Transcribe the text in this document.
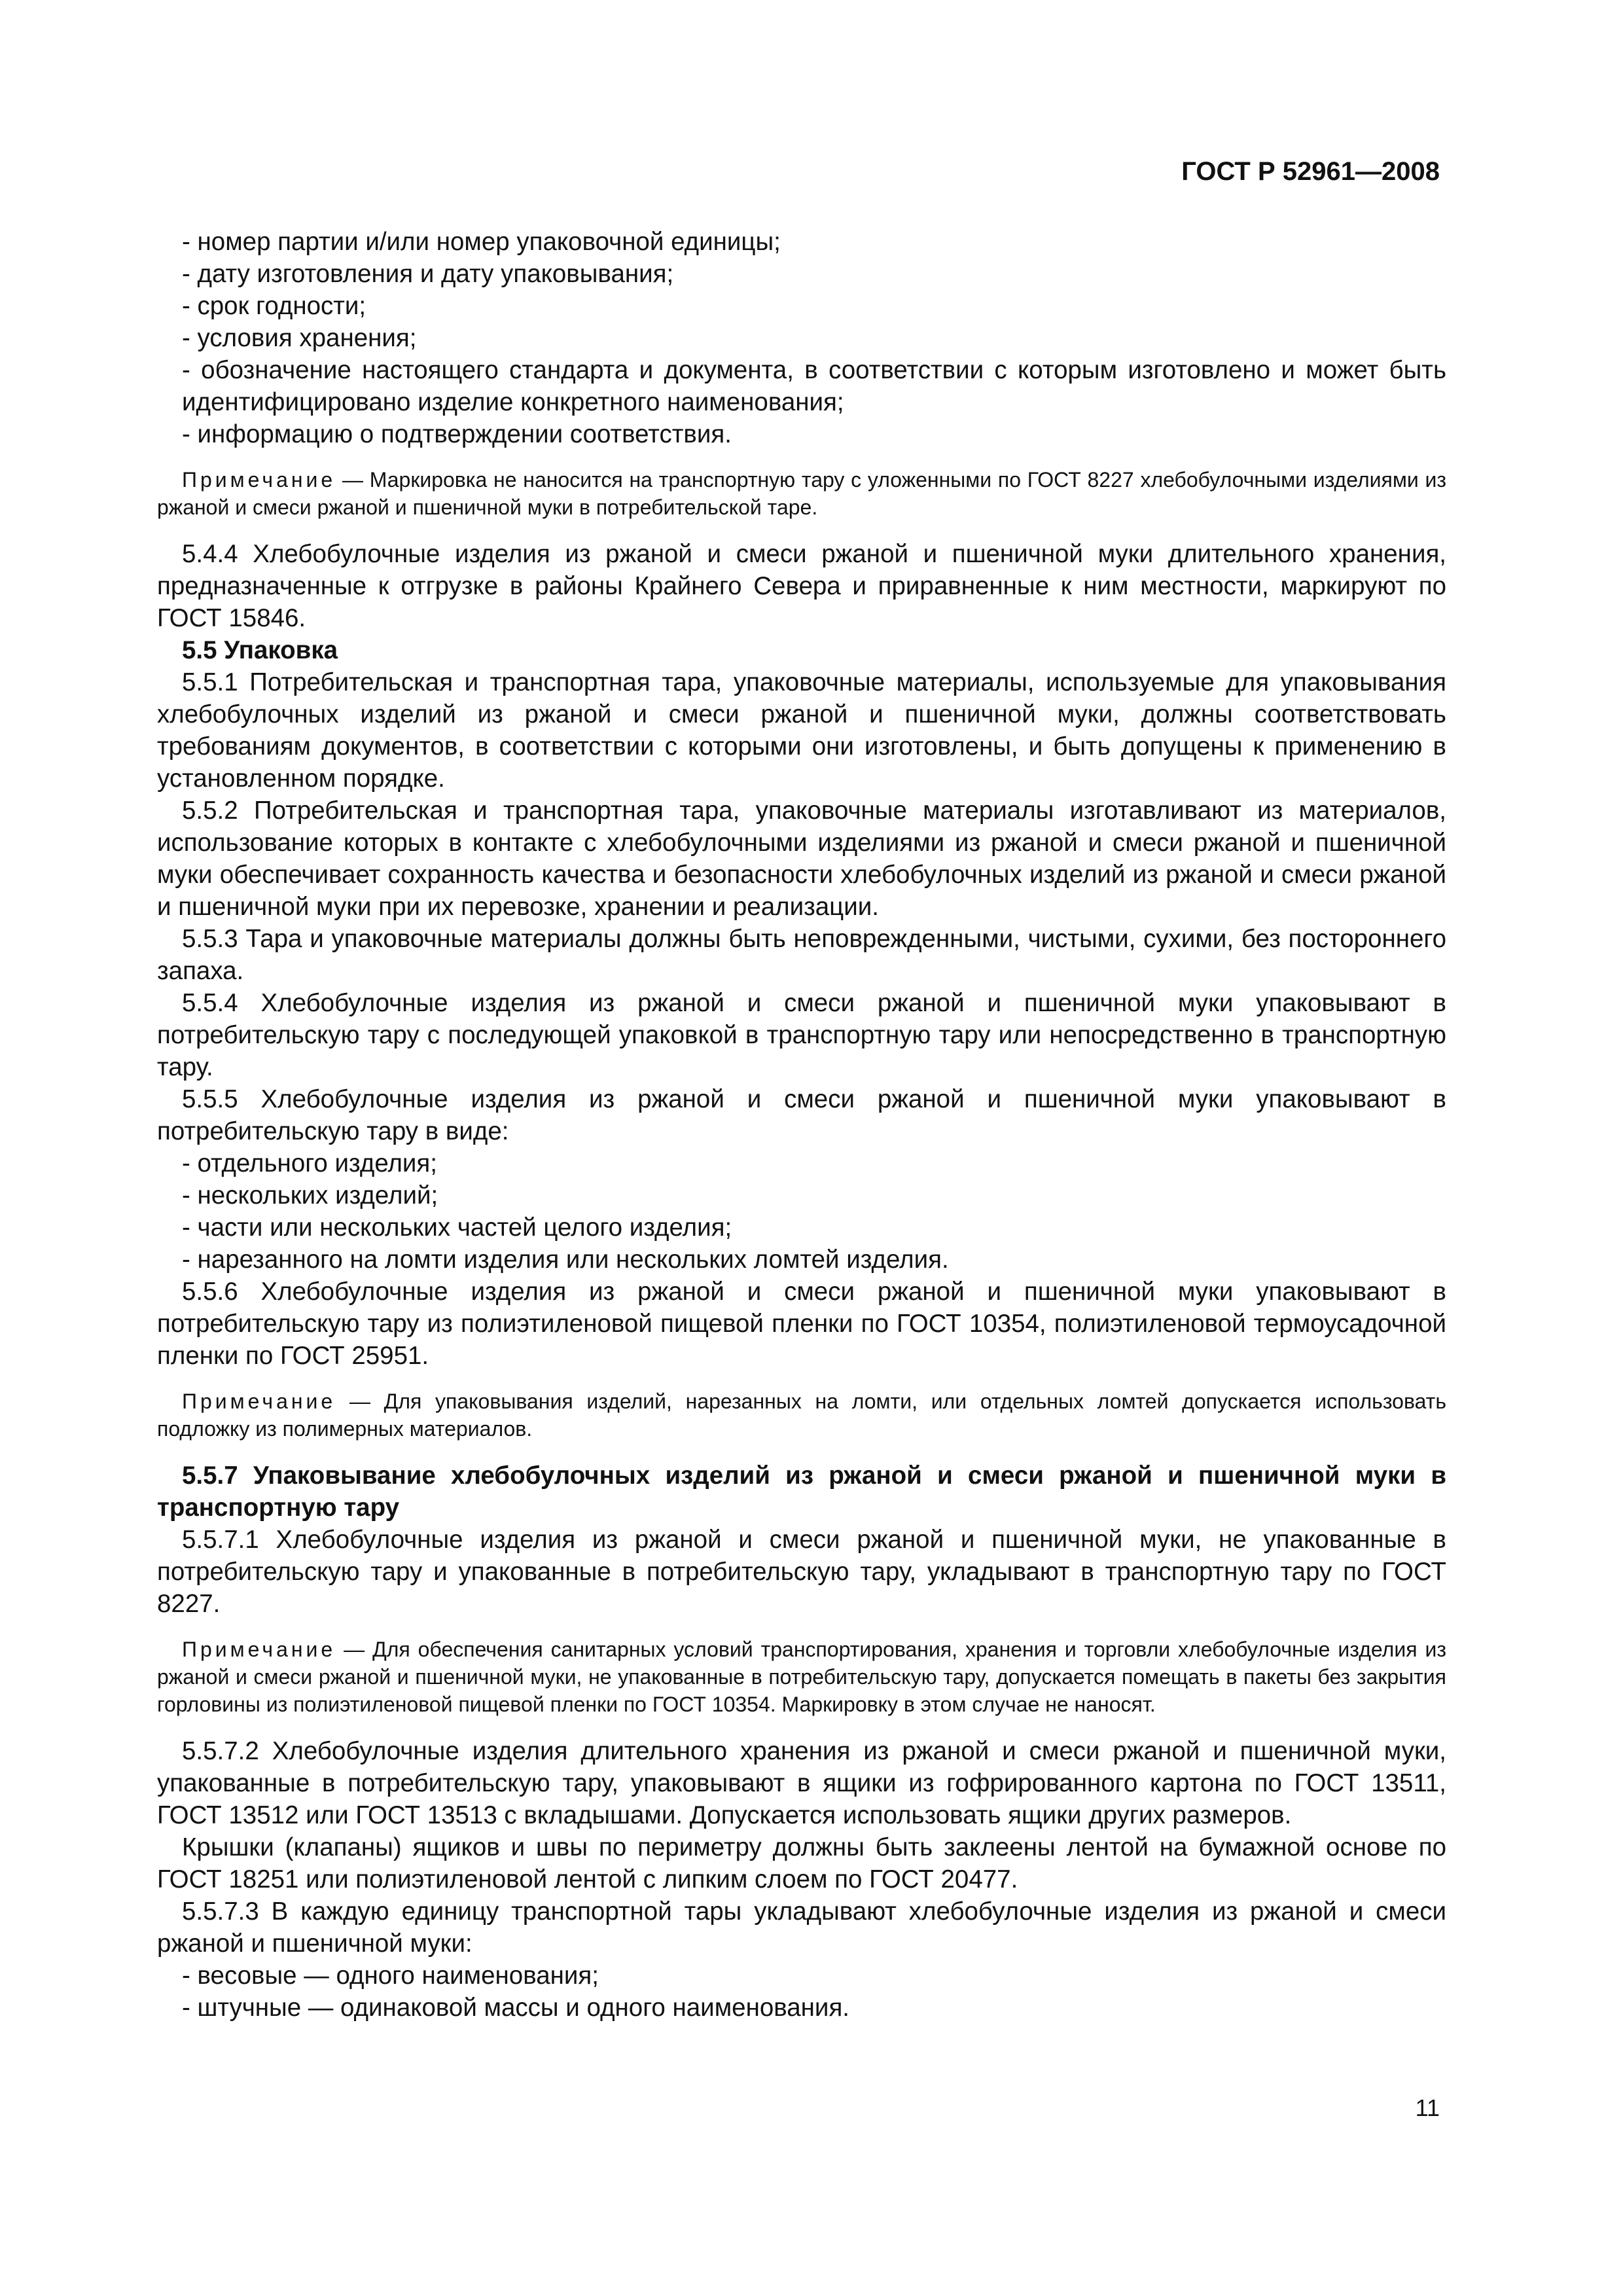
ГОСТ Р 52961—2008

- номер партии и/или номер упаковочной единицы;

- дату изготовления и дату упаковывания;

- срок годности;

- условия хранения;

- обозначение настоящего стандарта и документа, в соответствии с которым изготовлено и может быть идентифицировано изделие конкретного наименования;

- информацию о подтверждении соответствия.

Примечание — Маркировка не наносится на транспортную тару с уложенными по ГОСТ 8227 хлебобулочными изделиями из ржаной и смеси ржаной и пшеничной муки в потребительской таре.

5.4.4 Хлебобулочные изделия из ржаной и смеси ржаной и пшеничной муки длительного хранения, предназначенные к отгрузке в районы Крайнего Севера и приравненные к ним местности, маркируют по ГОСТ 15846.

5.5 Упаковка

5.5.1 Потребительская и транспортная тара, упаковочные материалы, используемые для упаковывания хлебобулочных изделий из ржаной и смеси ржаной и пшеничной муки, должны соответствовать требованиям документов, в соответствии с которыми они изготовлены, и быть допущены к применению в установленном порядке.

5.5.2 Потребительская и транспортная тара, упаковочные материалы изготавливают из материалов, использование которых в контакте с хлебобулочными изделиями из ржаной и смеси ржаной и пшеничной муки обеспечивает сохранность качества и безопасности хлебобулочных изделий из ржаной и смеси ржаной и пшеничной муки при их перевозке, хранении и реализации.

5.5.3 Тара и упаковочные материалы должны быть неповрежденными, чистыми, сухими, без постороннего запаха.

5.5.4 Хлебобулочные изделия из ржаной и смеси ржаной и пшеничной муки упаковывают в потребительскую тару с последующей упаковкой в транспортную тару или непосредственно в транспортную тару.

5.5.5 Хлебобулочные изделия из ржаной и смеси ржаной и пшеничной муки упаковывают в потребительскую тару в виде:

- отдельного изделия;

- нескольких изделий;

- части или нескольких частей целого изделия;

- нарезанного на ломти изделия или нескольких ломтей изделия.

5.5.6 Хлебобулочные изделия из ржаной и смеси ржаной и пшеничной муки упаковывают в потребительскую тару из полиэтиленовой пищевой пленки по ГОСТ 10354, полиэтиленовой термоусадочной пленки по ГОСТ 25951.

Примечание — Для упаковывания изделий, нарезанных на ломти, или отдельных ломтей допускается использовать подложку из полимерных материалов.

5.5.7 Упаковывание хлебобулочных изделий из ржаной и смеси ржаной и пшеничной муки в транспортную тару

5.5.7.1 Хлебобулочные изделия из ржаной и смеси ржаной и пшеничной муки, не упакованные в потребительскую тару и упакованные в потребительскую тару, укладывают в транспортную тару по ГОСТ 8227.

Примечание — Для обеспечения санитарных условий транспортирования, хранения и торговли хлебобулочные изделия из ржаной и смеси ржаной и пшеничной муки, не упакованные в потребительскую тару, допускается помещать в пакеты без закрытия горловины из полиэтиленовой пищевой пленки по ГОСТ 10354. Маркировку в этом случае не наносят.

5.5.7.2 Хлебобулочные изделия длительного хранения из ржаной и смеси ржаной и пшеничной муки, упакованные в потребительскую тару, упаковывают в ящики из гофрированного картона по ГОСТ 13511, ГОСТ 13512 или ГОСТ 13513 с вкладышами. Допускается использовать ящики других размеров.

Крышки (клапаны) ящиков и швы по периметру должны быть заклеены лентой на бумажной основе по ГОСТ 18251 или полиэтиленовой лентой с липким слоем по ГОСТ 20477.

5.5.7.3 В каждую единицу транспортной тары укладывают хлебобулочные изделия из ржаной и смеси ржаной и пшеничной муки:

- весовые — одного наименования;

- штучные — одинаковой массы и одного наименования.

11
